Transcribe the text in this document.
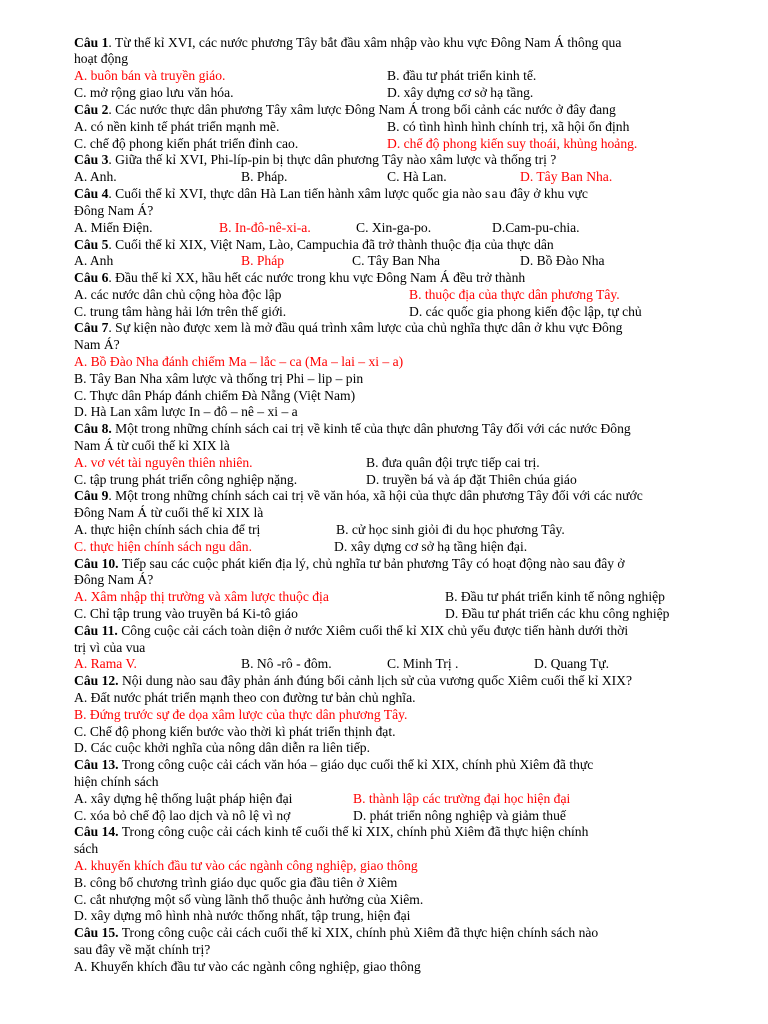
Câu 1. Từ thế kỉ XVI, các nước phương Tây bắt đầu xâm nhập vào khu vực Đông Nam Á thông qua
hoạt động
A. buôn bán và truyền giáo.	B. đầu tư phát triển kinh tế.
C. mở rộng giao lưu văn hóa.	D. xây dựng cơ sở hạ tầng.
Câu 2. Các nước thực dân phương Tây xâm lược Đông Nam Á trong bối cảnh các nước ở đây đang
A. có nền kinh tế phát triển mạnh mẽ.	B. có tình hình hình chính trị, xã hội ổn định
C. chế độ phong kiến phát triển đỉnh cao.	D. chế độ phong kiến suy thoái, khủng hoảng.
Câu 3. Giữa thế kỉ XVI, Phi-líp-pin bị thực dân phương Tây nào xâm lược và thống trị ?
A. Anh.	B. Pháp.	C. Hà Lan.	D. Tây Ban Nha.
Câu 4. Cuối thế kỉ XVI, thực dân Hà Lan tiến hành xâm lược quốc gia nào sau đây ở khu vực
Đông Nam Á?
A. Miến Điện.	B. In-đô-nê-xi-a.	C. Xin-ga-po.	D.Cam-pu-chia.
Câu 5. Cuối thế kỉ XIX, Việt Nam, Lào, Campuchia đã trở thành thuộc địa của thực dân
A. Anh	B. Pháp	C. Tây Ban Nha	D. Bồ Đào Nha
Câu 6. Đầu thế kỉ XX, hầu hết các nước trong khu vực Đông Nam Á đều trở thành
A. các nước dân chủ cộng hòa độc lập	B. thuộc địa của thực dân phương Tây.
C. trung tâm hàng hải lớn trên thế giới.	D. các quốc gia phong kiến độc lập, tự chủ
Câu 7. Sự kiện nào được xem là mở đầu quá trình xâm lược của chủ nghĩa thực dân ở khu vực Đông
Nam Á?
A. Bồ Đào Nha đánh chiếm Ma – lắc – ca (Ma – lai – xi – a)
B. Tây Ban Nha xâm lược và thống trị Phi – lip – pin
C. Thực dân Pháp đánh chiếm Đà Nẵng (Việt Nam)
D. Hà Lan xâm lược In – đô – nê – xi – a
Câu 8. Một trong những chính sách cai trị về kinh tế của thực dân phương Tây đối với các nước Đông
Nam Á từ cuối thế kỉ XIX là
A. vơ vét tài nguyên thiên nhiên.	B. đưa quân đội trực tiếp cai trị.
C. tập trung phát triển công nghiệp nặng.	D. truyền bá và áp đặt Thiên chúa giáo
Câu 9. Một trong những chính sách cai trị về văn hóa, xã hội của thực dân phương Tây đối với các nước
Đông Nam Á từ cuối thế kỉ XIX là
A. thực hiện chính sách chia để trị	B. cử học sinh giỏi đi du học phương Tây.
C. thực hiện chính sách ngu dân.	D. xây dựng cơ sở hạ tầng hiện đại.
Câu 10. Tiếp sau các cuộc phát kiến địa lý, chủ nghĩa tư bản phương Tây có hoạt động nào sau đây ở
Đông Nam Á?
A. Xâm nhập thị trường và xâm lược thuộc địa	B. Đầu tư phát triển kinh tế nông nghiệp
C. Chỉ tập trung vào truyền bá Ki-tô giáo	D. Đầu tư phát triển các khu công nghiệp
Câu 11. Công cuộc cải cách toàn diện ở nước Xiêm cuối thế kỉ XIX chủ yếu được tiến hành dưới thời
trị vì của vua
A. Rama V.	B. Nô -rô - đôm.	C. Minh Trị .	D. Quang Tự.
Câu 12. Nội dung nào sau đây phản ánh đúng bối cảnh lịch sử của vương quốc Xiêm cuối thế kỉ XIX?
A. Đất nước phát triển mạnh theo con đường tư bản chủ nghĩa.
B. Đứng trước sự đe dọa xâm lược của thực dân phương Tây.
C. Chế độ phong kiến bước vào thời kì phát triển thịnh đạt.
D. Các cuộc khởi nghĩa của nông dân diễn ra liên tiếp.
Câu 13. Trong công cuộc cải cách văn hóa – giáo dục cuối thế kỉ XIX, chính phủ Xiêm đã thực
hiện chính sách
A. xây dựng hệ thống luật pháp hiện đại	B. thành lập các trường đại học hiện đại
C. xóa bỏ chế độ lao dịch và nô lệ vì nợ	D. phát triển nông nghiệp và giảm thuế
Câu 14. Trong công cuộc cải cách kinh tế cuối thế kỉ XIX, chính phủ Xiêm đã thực hiện chính
sách
A. khuyến khích đầu tư vào các ngành công nghiệp, giao thông
B. công bố chương trình giáo dục quốc gia đầu tiên ở Xiêm
C. cắt nhượng một số vùng lãnh thổ thuộc ảnh hưởng của Xiêm.
D. xây dựng mô hình nhà nước thống nhất, tập trung, hiện đại
Câu 15. Trong công cuộc cải cách cuối thế kỉ XIX, chính phủ Xiêm đã thực hiện chính sách nào
sau đây về mặt chính trị?
A. Khuyến khích đầu tư vào các ngành công nghiệp, giao thông
